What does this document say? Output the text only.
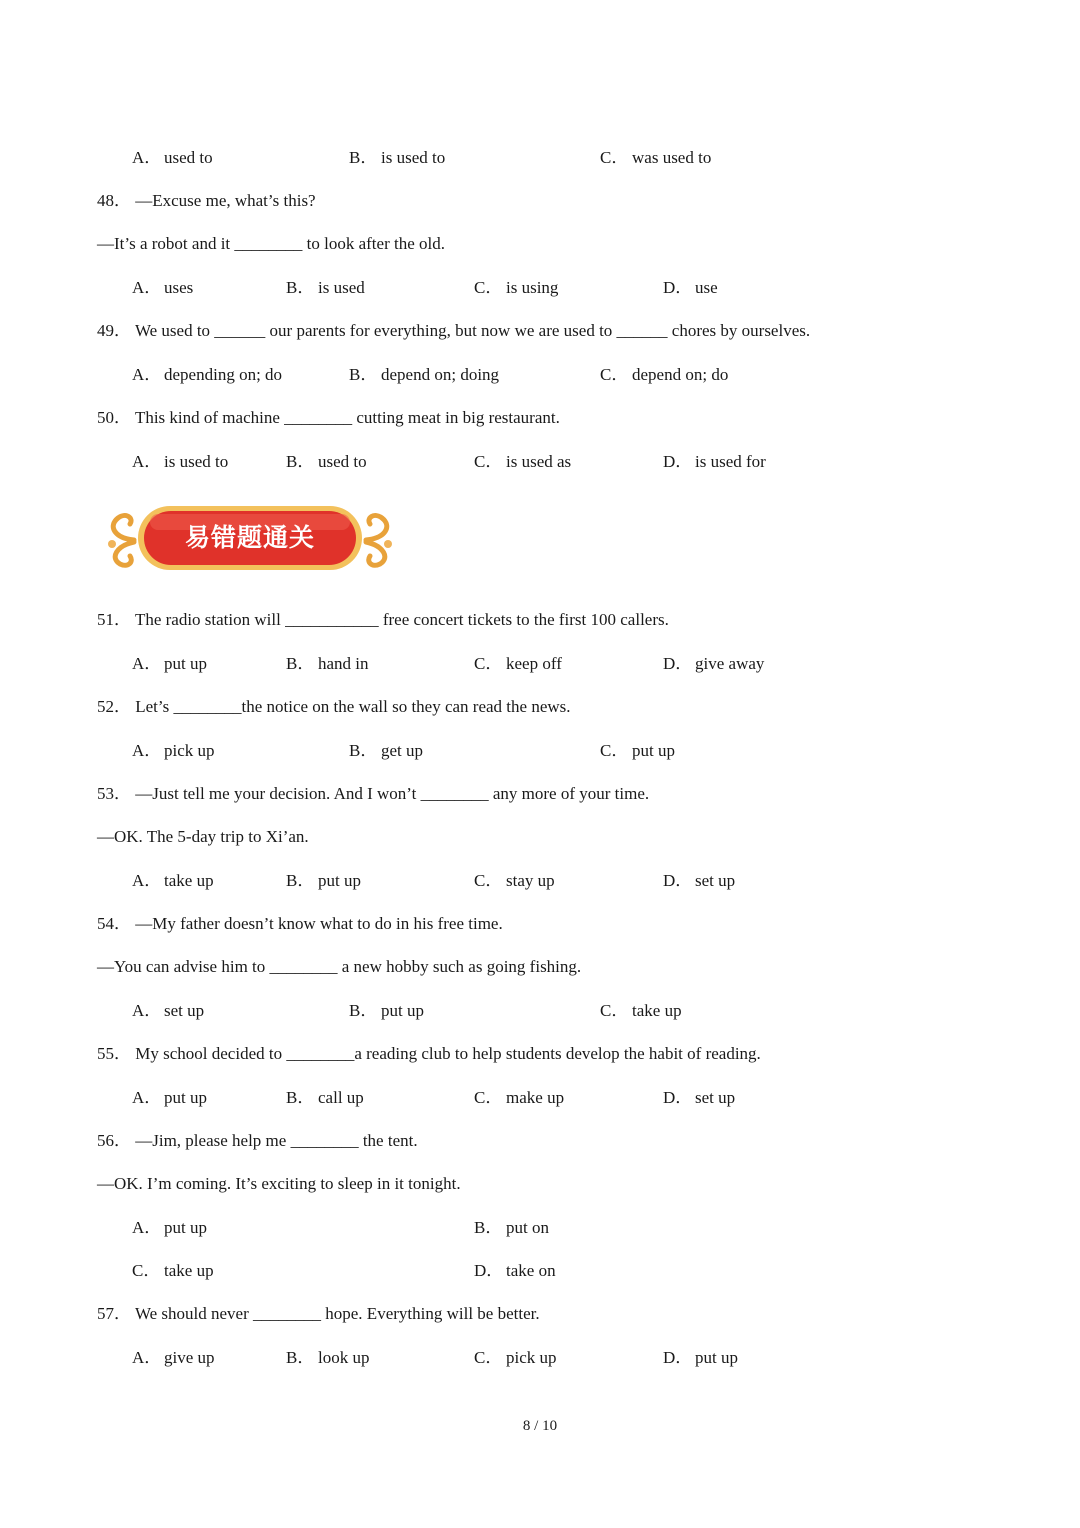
A． used to	B． is used to	C． was used to
48． —Excuse me, what’s this?
—It’s a robot and it ________ to look after the old.
A． uses	B． is used	C． is using	D． use
49． We used to ______ our parents for everything, but now we are used to ______ chores by ourselves.
A． depending on; do	B． depend on; doing	C． depend on; do
50． This kind of machine ________ cutting meat in big restaurant.
A． is used to	B． used to	C． is used as	D． is used for
易错题通关
51． The radio station will ___________ free concert tickets to the first 100 callers.
A． put up	B． hand in	C． keep off	D． give away
52． Let’s ________the notice on the wall so they can read the news.
A． pick up	B． get up	C． put up
53． —Just tell me your decision. And I won’t ________ any more of your time.
—OK. The 5-day trip to Xi’an.
A． take up	B． put up	C． stay up	D． set up
54． —My father doesn’t know what to do in his free time.
—You can advise him to ________ a new hobby such as going fishing.
A． set up	B． put up	C． take up
55． My school decided to ________a reading club to help students develop the habit of reading.
A． put up	B． call up	C． make up	D． set up
56． —Jim, please help me ________ the tent.
—OK. I’m coming. It’s exciting to sleep in it tonight.
A． put up	B． put on
C． take up	D． take on
57． We should never ________ hope. Everything will be better.
A． give up	B． look up	C． pick up	D． put up
8 / 10
